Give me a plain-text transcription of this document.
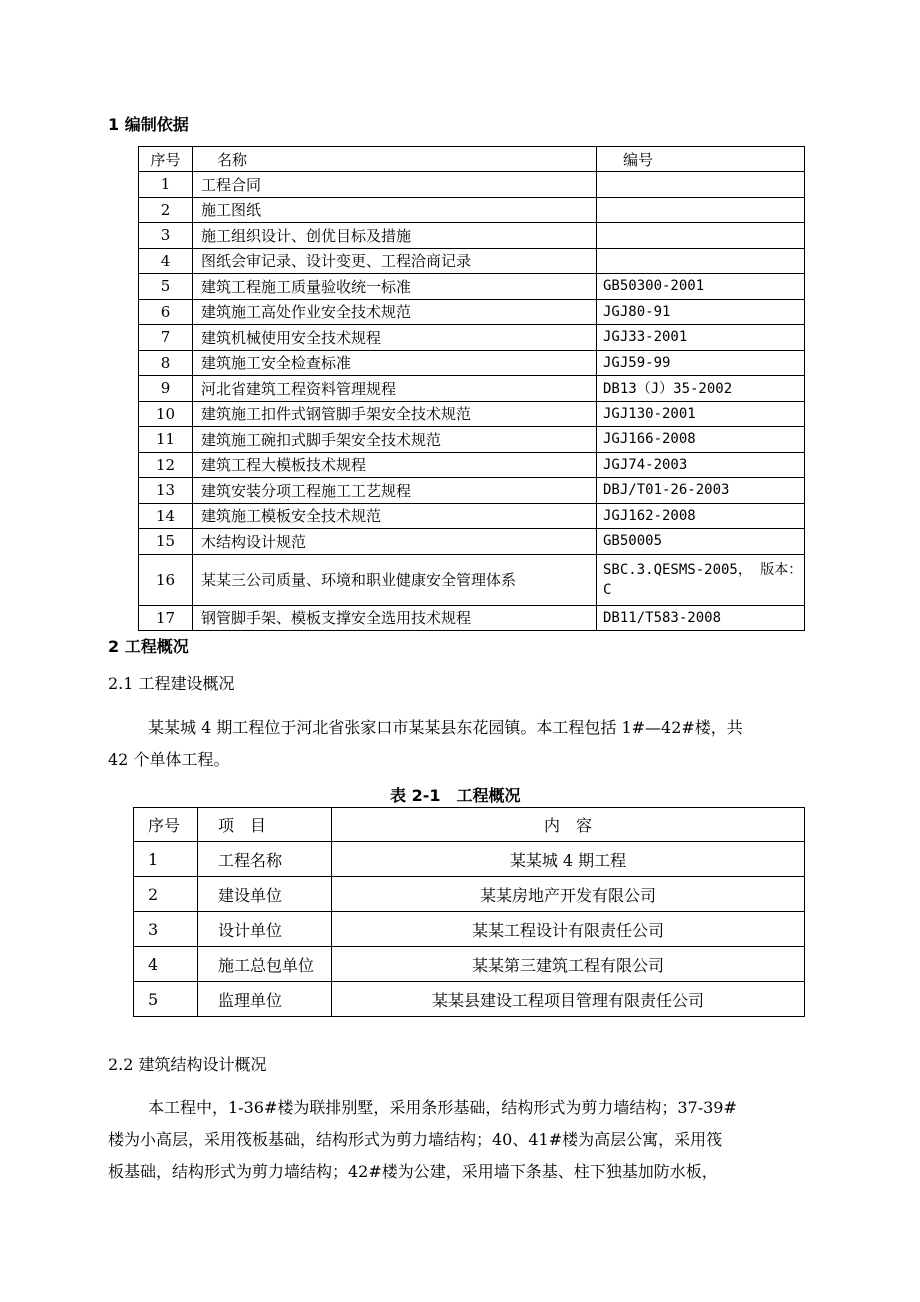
1 编制依据
序号	名称	编号
1	工程合同	
2	施工图纸	
3	施工组织设计、创优目标及措施	
4	图纸会审记录、设计变更、工程洽商记录	
5	建筑工程施工质量验收统一标准	GB50300-2001
6	建筑施工高处作业安全技术规范	JGJ80-91
7	建筑机械使用安全技术规程	JGJ33-2001
8	建筑施工安全检查标准	JGJ59-99
9	河北省建筑工程资料管理规程	DB13（J）35-2002
10	建筑施工扣件式钢管脚手架安全技术规范	JGJ130-2001
11	建筑施工碗扣式脚手架安全技术规范	JGJ166-2008
12	建筑工程大模板技术规程	JGJ74-2003
13	建筑安装分项工程施工工艺规程	DBJ/T01-26-2003
14	建筑施工模板安全技术规范	JGJ162-2008
15	木结构设计规范	GB50005
16	某某三公司质量、环境和职业健康安全管理体系	SBC.3.QESMS-2005， 版本：C
17	钢管脚手架、模板支撑安全选用技术规程	DB11/T583-2008
2 工程概况
2.1 工程建设概况
某某城 4 期工程位于河北省张家口市某某县东花园镇。本工程包括 1#—42#楼，共
42 个单体工程。
表 2-1　工程概况
序号	项　目	内　容
1	工程名称	某某城 4 期工程
2	建设单位	某某房地产开发有限公司
3	设计单位	某某工程设计有限责任公司
4	施工总包单位	某某第三建筑工程有限公司
5	监理单位	某某县建设工程项目管理有限责任公司
2.2 建筑结构设计概况
本工程中，1-36#楼为联排别墅，采用条形基础，结构形式为剪力墙结构；37-39#
楼为小高层，采用筏板基础，结构形式为剪力墙结构；40、41#楼为高层公寓，采用筏
板基础，结构形式为剪力墙结构；42#楼为公建，采用墙下条基、柱下独基加防水板，
